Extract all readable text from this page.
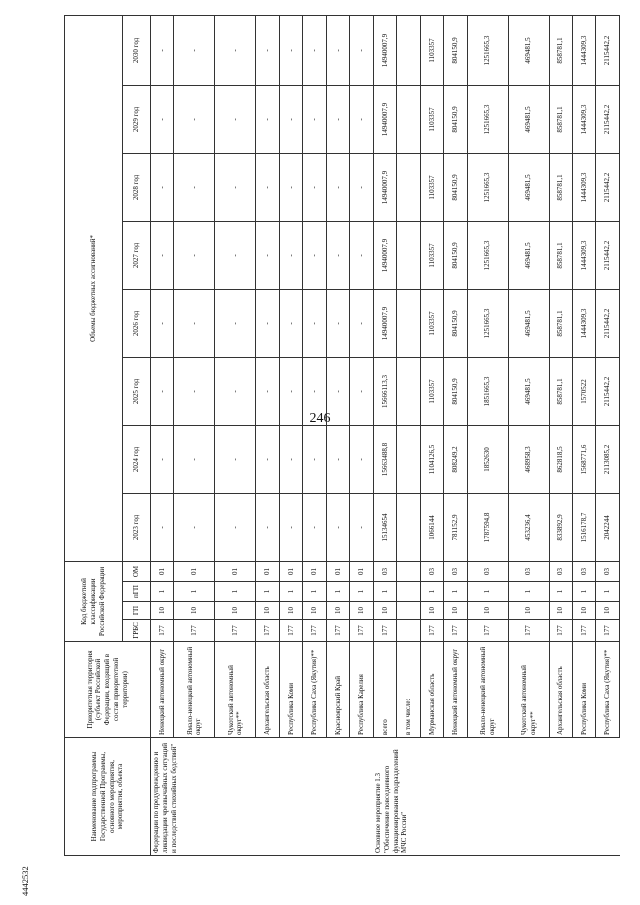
246
4442532
Наименование подпрограммы Государственной Программы, основного мероприятия, мероприятия, объекта	Приоритетная территория (субъект Российской Федерации, входящий в состав приоритетной территории)	Код бюджетной классификации Российской Федерации				Объемы бюджетных ассигнований*							
		ГРБС	ГП	пГП	ОМ	2023 год	2024 год	2025 год	2026 год	2027 год	2028 год	2029 год	2030 год
Федерации по предупреждению и ликвидации чрезвычайных ситуаций и последствий стихийных бедствий"	Ненецкий автономный округ	177	10	1	01	-	-	-	-	-	-	-	-
	Ямало-ненецкий автономный округ	177	10	1	01	-	-	-	-	-	-	-	-
	Чукотский автономный округ**	177	10	1	01	-	-	-	-	-	-	-	-
	Архангельская область	177	10	1	01	-	-	-	-	-	-	-	-
	Республика Коми	177	10	1	01	-	-	-	-	-	-	-	-
	Республика Саха (Якутия)**	177	10	1	01	-	-	-	-	-	-	-	-
	Красноярский Край	177	10	1	01	-	-	-	-	-	-	-	-
	Республика Карелия	177	10	1	01	-	-	-	-	-	-	-	-
Основное мероприятие 1.3 "Обеспечение повседневного функционирования подразделений МЧС России"	всего	177	10	1	03	15134654	15663488,8	15666113,3	14940007,9	14940007,9	14940007,9	14940007,9	14940007,9
	в том числе:												
	Мурманская область	177	10	1	03	1066144	1104126,5	1103357	1103357	1103357	1103357	1103357	1103357
	Ненецкий автономный округ	177	10	1	03	781152,9	808249,2	804150,9	804150,9	804150,9	804150,9	804150,9	804150,9
	Ямало-ненецкий автономный округ	177	10	1	03	1787594,8	1852630	1851665,3	1251665,3	1251665,3	1251665,3	1251665,3	1251665,3
	Чукотский автономный округ**	177	10	1	03	453236,4	468958,3	469481,5	469481,5	469481,5	469481,5	469481,5	469481,5
	Архангельская область	177	10	1	03	833892,9	862818,5	858781,1	858781,1	858781,1	858781,1	858781,1	858781,1
	Республика Коми	177	10	1	03	1516178,7	1568771,6	1570522	1444309,3	1444309,3	1444309,3	1444309,3	1444309,3
	Республика Саха (Якутия)**	177	10	1	03	2042244	2113085,2	2115442,2	2115442,2	2115442,2	2115442,2	2115442,2	2115442,2
